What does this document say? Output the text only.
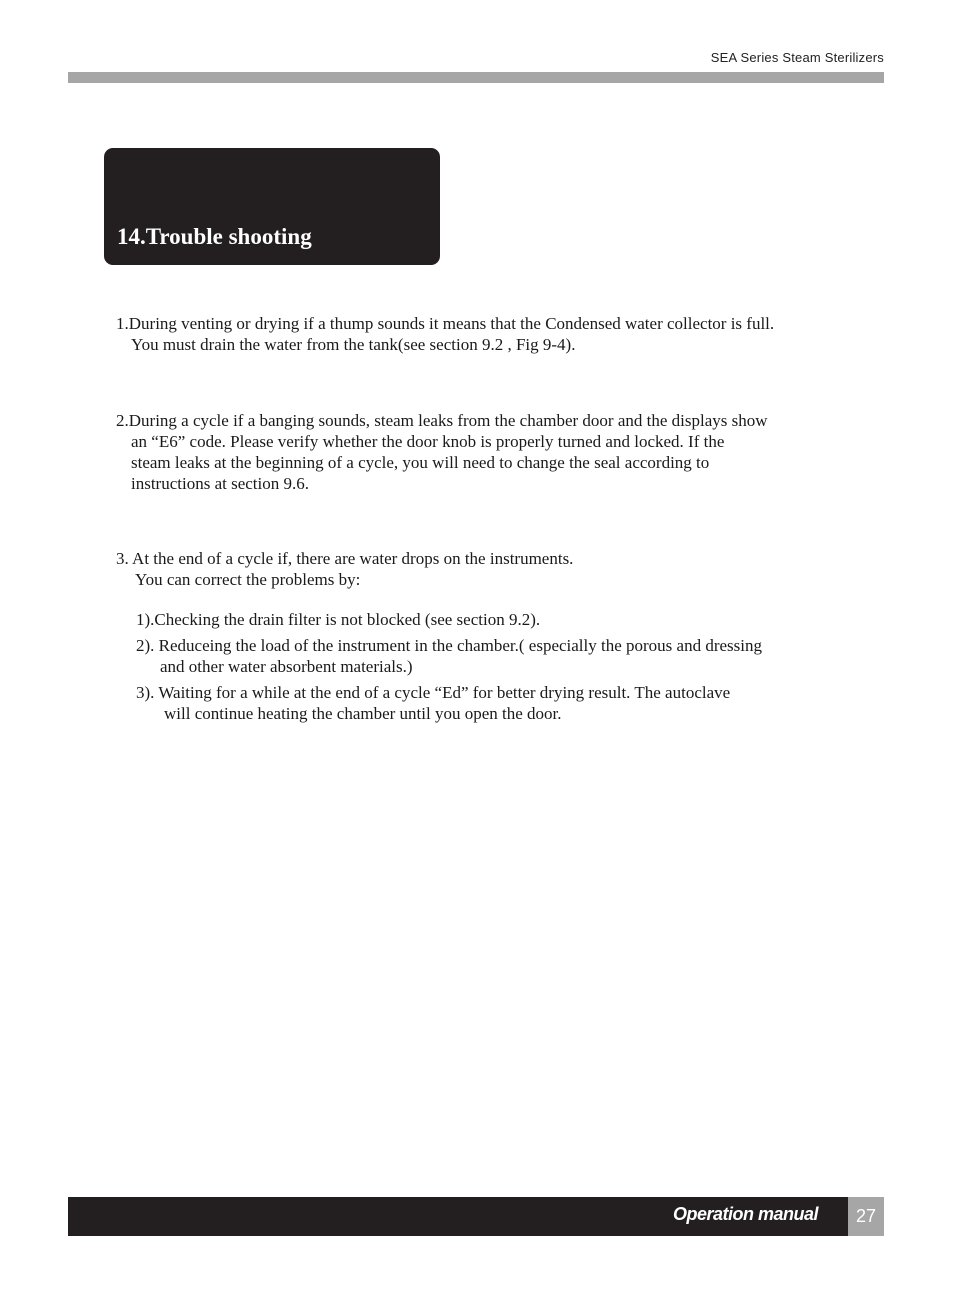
SEA Series Steam Sterilizers
14.Trouble shooting

1.During venting or drying if a thump sounds it means that the Condensed water collector is full.

You must drain the water from the tank(see section 9.2 , Fig 9-4).

2.During a cycle if a banging sounds, steam leaks from the chamber door and the displays show

an “E6” code. Please verify whether the door knob is properly turned and locked. If the

steam leaks at the beginning of a cycle, you will need to change the seal according to

instructions at section 9.6.

3. At the end of a cycle if, there are water drops on the instruments.

You can correct the problems by:

1).Checking the drain filter is not blocked (see section 9.2).

2). Reduceing the load of the instrument in the chamber.( especially the porous and dressing

and other water absorbent materials.)

3). Waiting for a while at the end of a cycle “Ed” for better drying result. The autoclave

will continue heating the chamber until you open the door.

Operation manual	27
